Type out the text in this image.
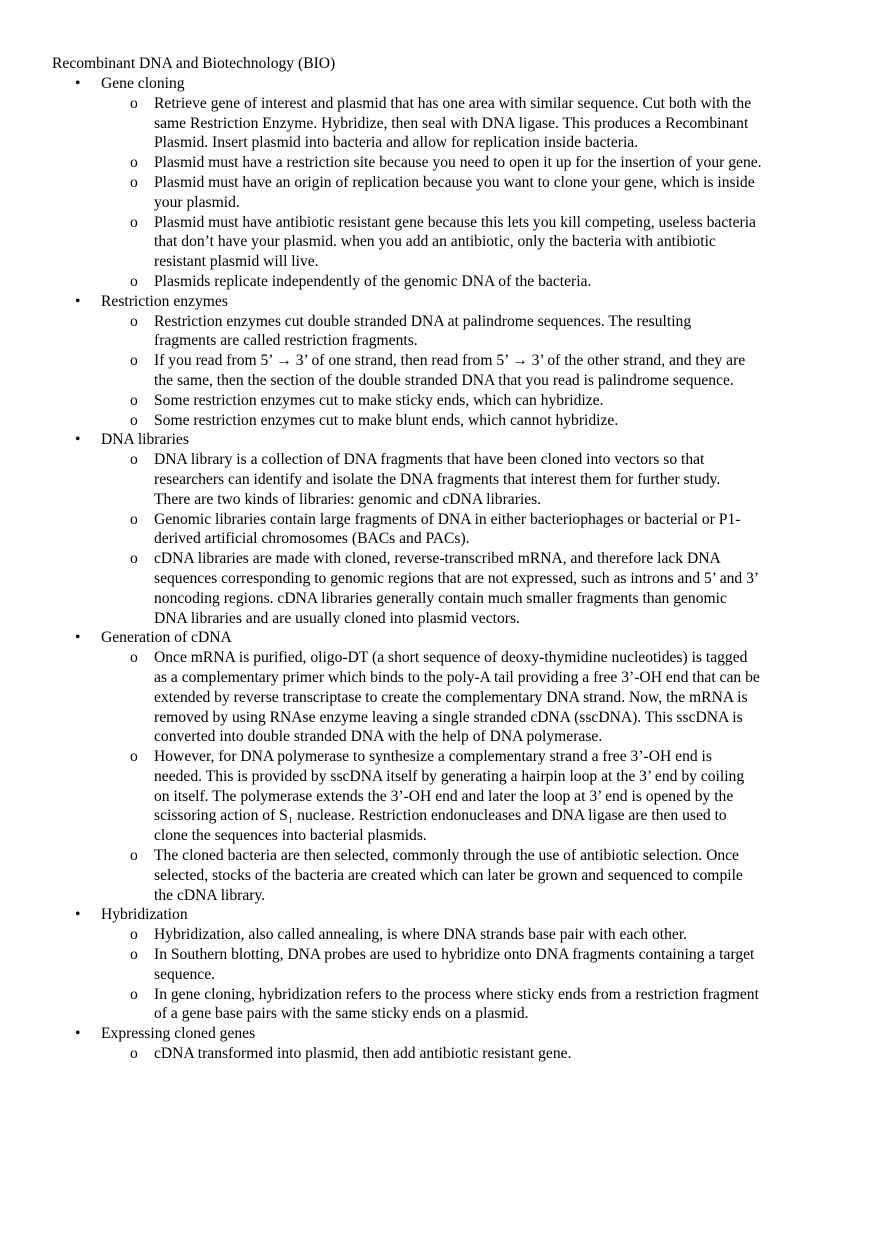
Recombinant DNA and Biotechnology (BIO)
• Gene cloning
o Retrieve gene of interest and plasmid that has one area with similar sequence. Cut both with the
same Restriction Enzyme. Hybridize, then seal with DNA ligase. This produces a Recombinant
Plasmid. Insert plasmid into bacteria and allow for replication inside bacteria.
o Plasmid must have a restriction site because you need to open it up for the insertion of your gene.
o Plasmid must have an origin of replication because you want to clone your gene, which is inside
your plasmid.
o Plasmid must have antibiotic resistant gene because this lets you kill competing, useless bacteria
that don’t have your plasmid. when you add an antibiotic, only the bacteria with antibiotic
resistant plasmid will live.
o Plasmids replicate independently of the genomic DNA of the bacteria.
• Restriction enzymes
o Restriction enzymes cut double stranded DNA at palindrome sequences. The resulting
fragments are called restriction fragments.
o If you read from 5’ → 3’ of one strand, then read from 5’ → 3’ of the other strand, and they are
the same, then the section of the double stranded DNA that you read is palindrome sequence.
o Some restriction enzymes cut to make sticky ends, which can hybridize.
o Some restriction enzymes cut to make blunt ends, which cannot hybridize.
• DNA libraries
o DNA library is a collection of DNA fragments that have been cloned into vectors so that
researchers can identify and isolate the DNA fragments that interest them for further study.
There are two kinds of libraries: genomic and cDNA libraries.
o Genomic libraries contain large fragments of DNA in either bacteriophages or bacterial or P1-
derived artificial chromosomes (BACs and PACs).
o cDNA libraries are made with cloned, reverse-transcribed mRNA, and therefore lack DNA
sequences corresponding to genomic regions that are not expressed, such as introns and 5’ and 3’
noncoding regions. cDNA libraries generally contain much smaller fragments than genomic
DNA libraries and are usually cloned into plasmid vectors.
• Generation of cDNA
o Once mRNA is purified, oligo-DT (a short sequence of deoxy-thymidine nucleotides) is tagged
as a complementary primer which binds to the poly-A tail providing a free 3’-OH end that can be
extended by reverse transcriptase to create the complementary DNA strand. Now, the mRNA is
removed by using RNAse enzyme leaving a single stranded cDNA (sscDNA). This sscDNA is
converted into double stranded DNA with the help of DNA polymerase.
o However, for DNA polymerase to synthesize a complementary strand a free 3’-OH end is
needed. This is provided by sscDNA itself by generating a hairpin loop at the 3’ end by coiling
on itself. The polymerase extends the 3’-OH end and later the loop at 3’ end is opened by the
scissoring action of S₁ nuclease. Restriction endonucleases and DNA ligase are then used to
clone the sequences into bacterial plasmids.
o The cloned bacteria are then selected, commonly through the use of antibiotic selection. Once
selected, stocks of the bacteria are created which can later be grown and sequenced to compile
the cDNA library.
• Hybridization
o Hybridization, also called annealing, is where DNA strands base pair with each other.
o In Southern blotting, DNA probes are used to hybridize onto DNA fragments containing a target
sequence.
o In gene cloning, hybridization refers to the process where sticky ends from a restriction fragment
of a gene base pairs with the same sticky ends on a plasmid.
• Expressing cloned genes
o cDNA transformed into plasmid, then add antibiotic resistant gene.
